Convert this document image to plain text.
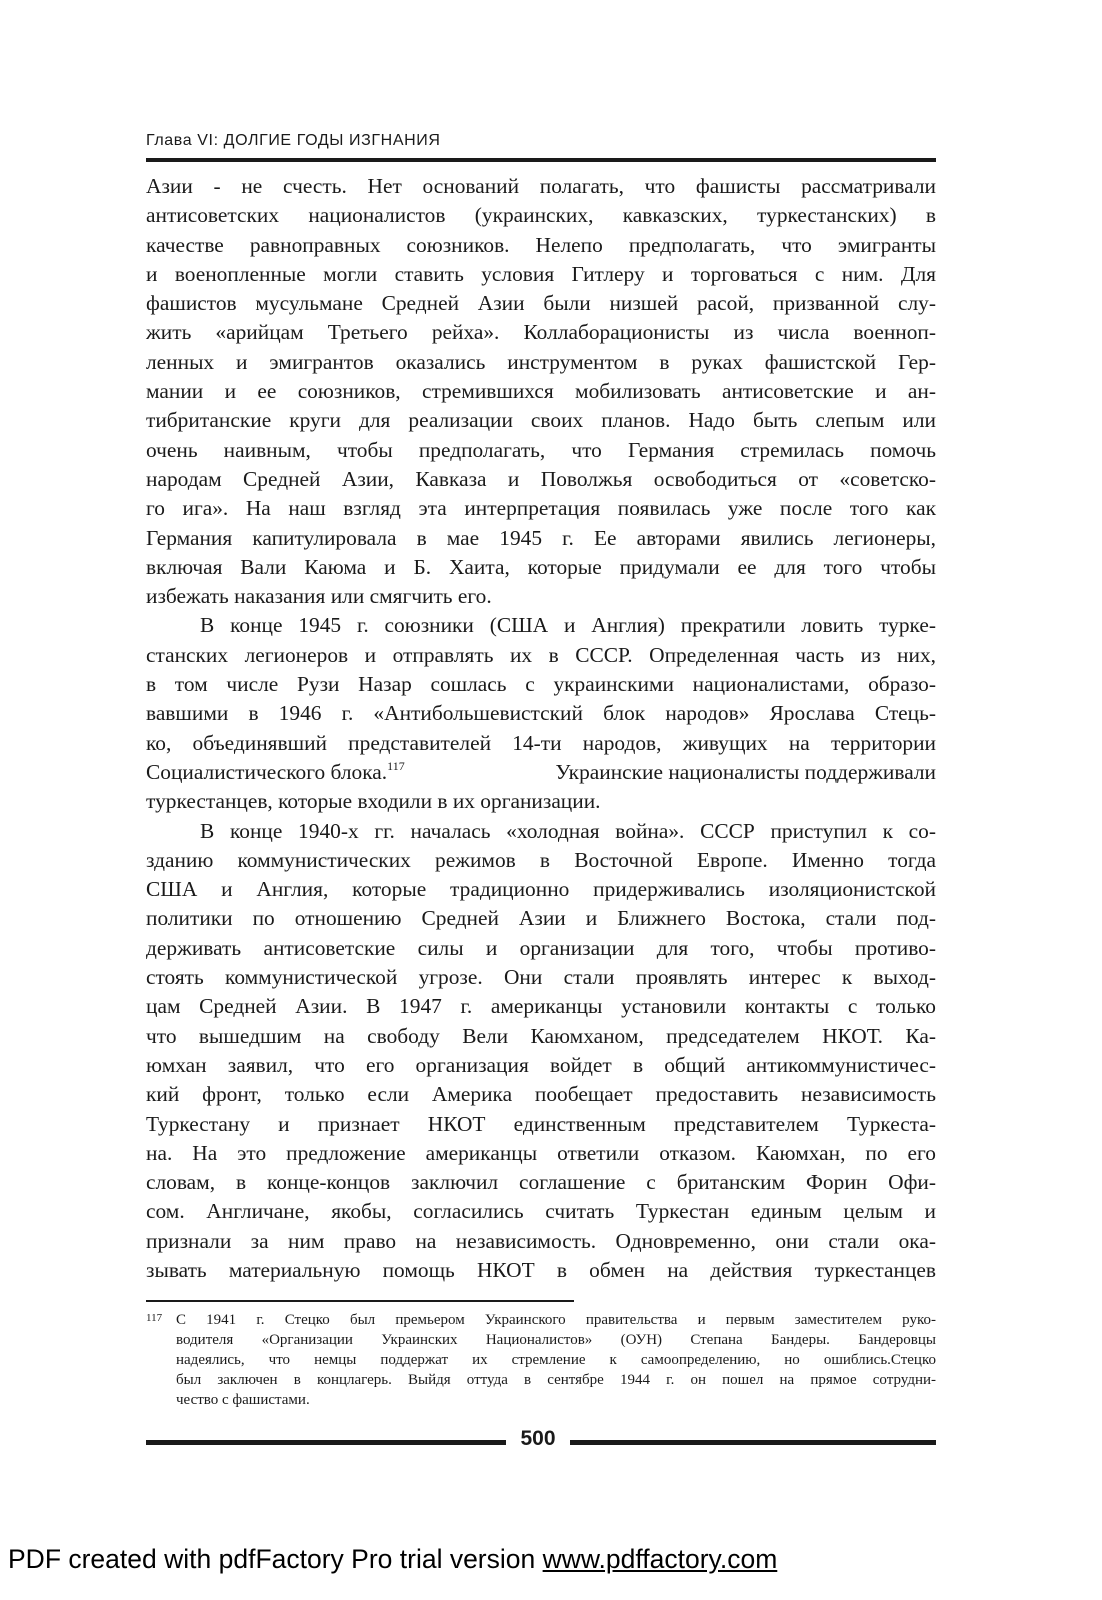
Глава VI: ДОЛГИЕ ГОДЫ ИЗГНАНИЯ
Азии - не счесть. Нет оснований полагать, что фашисты рассматривали
антисоветских националистов (украинских, кавказских, туркестанских) в
качестве равноправных союзников. Нелепо предполагать, что эмигранты
и военопленные могли ставить условия Гитлеру и торговаться с ним. Для
фашистов мусульмане Средней Азии были низшей расой, призванной слу-
жить «арийцам Третьего рейха». Коллаборационисты из числа военноп-
ленных и эмигрантов оказались инструментом в руках фашистской Гер-
мании и ее союзников, стремившихся мобилизовать антисоветские и ан-
тибританские круги для реализации своих планов. Надо быть слепым или
очень наивным, чтобы предполагать, что Германия стремилась помочь
народам Средней Азии, Кавказа и Поволжья освободиться от «советско-
го ига». На наш взгляд эта интерпретация появилась уже после того как
Германия капитулировала в мае 1945 г. Ее авторами явились легионеры,
включая Вали Каюма и Б. Хаита, которые придумали ее для того чтобы
избежать наказания или смягчить его.
В конце 1945 г. союзники (США и Англия) прекратили ловить турке-
станских легионеров и отправлять их в СССР. Определенная часть из них,
в том числе Рузи Назар сошлась с украинскими националистами, образо-
вавшими в 1946 г. «Антибольшевистский блок народов» Ярослава Стець-
ко, объединявший представителей 14-ти народов, живущих на территории
Социалистического блока.$^{117}$	Украинские националисты поддерживали
туркестанцев, которые входили в их организации.
В конце 1940-х гг. началась «холодная война». СССР приступил к со-
зданию коммунистических режимов в Восточной Европе. Именно тогда
США и Англия, которые традиционно придерживались изоляционистской
политики по отношению Средней Азии и Ближнего Востока, стали под-
держивать антисоветские силы и организации для того, чтобы противо-
стоять коммунистической угрозе. Они стали проявлять интерес к выход-
цам Средней Азии. В 1947 г. американцы установили контакты с только
что вышедшим на свободу Вели Каюмханом, председателем НКОТ. Ка-
юмхан заявил, что его организация войдет в общий антикоммунистичес-
кий фронт, только если Америка пообещает предоставить независимость
Туркестану и признает НКОТ единственным представителем Туркеста-
на. На это предложение американцы ответили отказом. Каюмхан, по его
словам, в конце-концов заключил соглашение с британским Форин Офи-
сом. Англичане, якобы, согласились считать Туркестан единым целым и
признали за ним право на независимость. Одновременно, они стали ока-
зывать материальную помощь НКОТ в обмен на действия туркестанцев
117 С 1941 г. Стецко был премьером Украинского правительства и первым заместителем руко-
водителя «Организации Украинских Националистов» (ОУН) Степана Бандеры. Бандеровцы
надеялись, что немцы поддержат их стремление к самоопределению, но ошиблись.Стецко
был заключен в концлагерь. Выйдя оттуда в сентябре 1944 г. он пошел на прямое сотрудни-
чество с фашистами.
500
PDF created with pdfFactory Pro trial version www.pdffactory.com
